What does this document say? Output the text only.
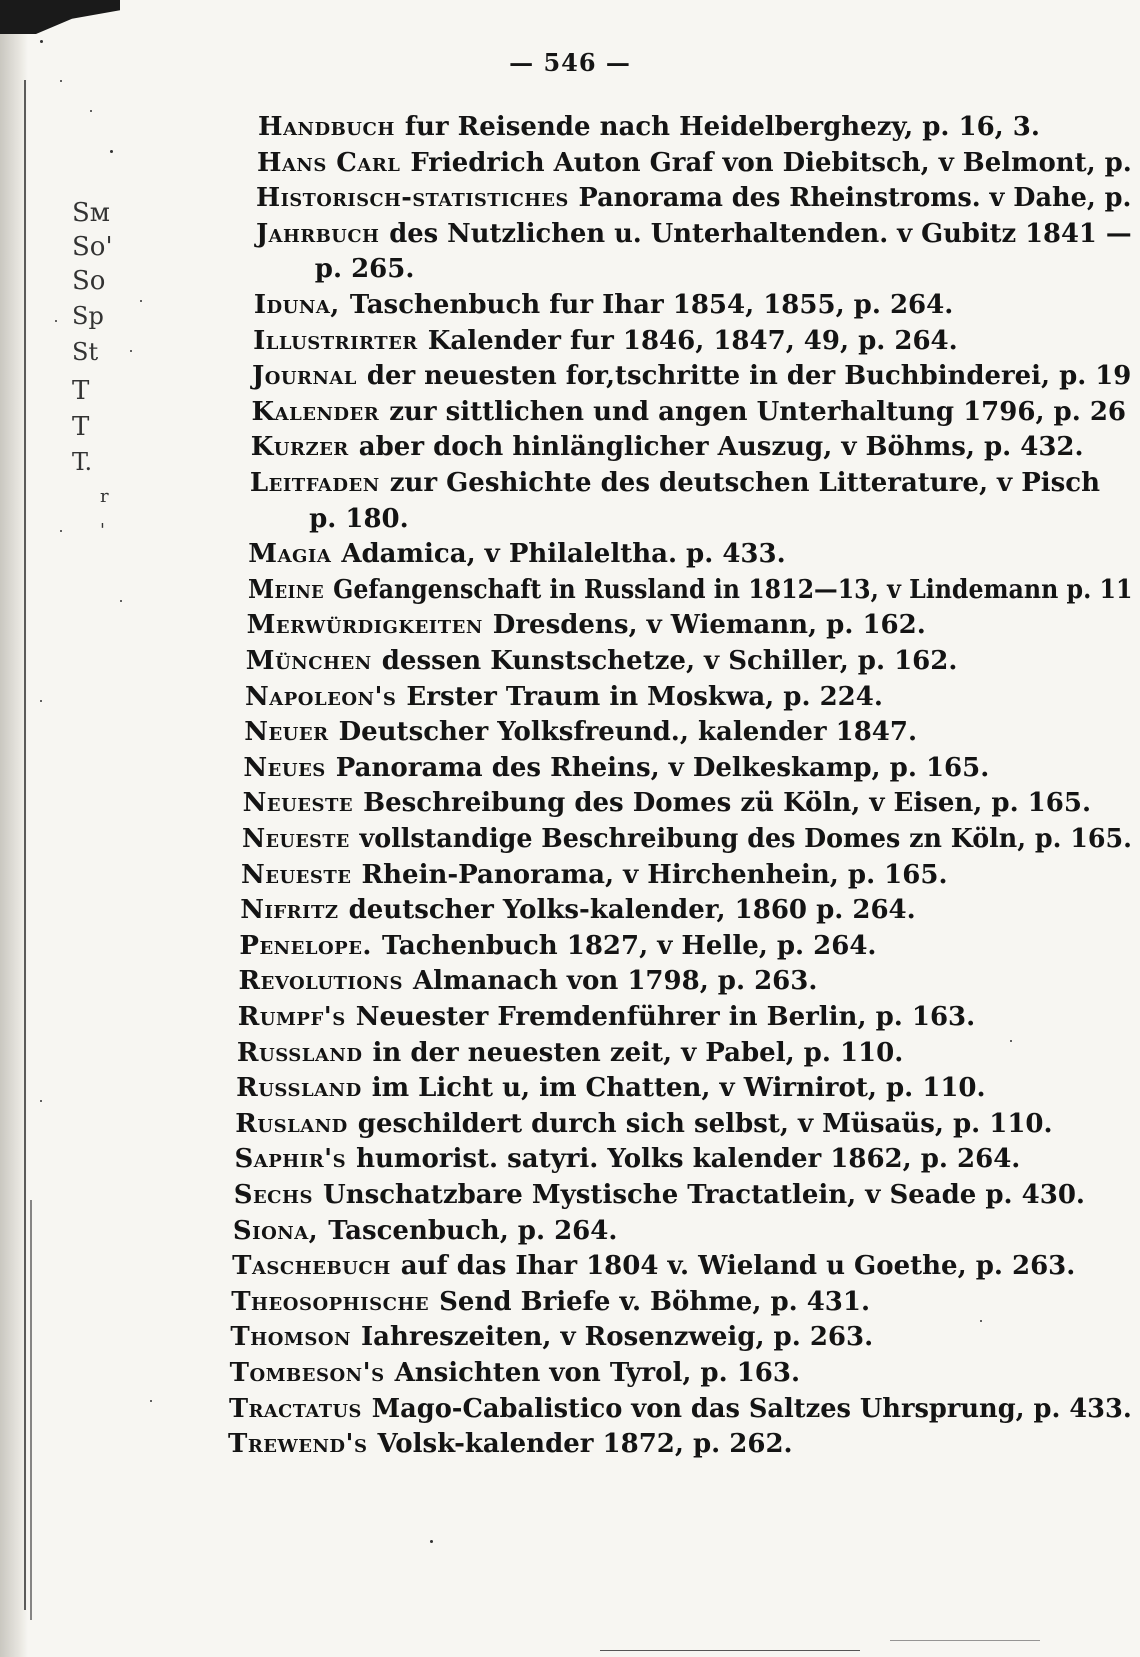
Sм
So'
So
Sp
St
T
T
T.
r
'
— 546 —
Handbuch fur Reisende nach Heidelberghezy, p. 16, 3.
Hans Carl Friedrich Auton Graf von Diebitsch, v Belmont, p.
Historisch-statistiches Panorama des Rheinstroms. v Dahe, p.
Jahrbuch des Nutzlichen u. Unterhaltenden. v Gubitz 1841 —
p. 265.
Iduna, Taschenbuch fur Ihar 1854, 1855, p. 264.
Illustrirter Kalender fur 1846, 1847, 49, p. 264.
Journal der neuesten for,tschritte in der Buchbinderei, p. 19
Kalender zur sittlichen und angen Unterhaltung 1796, p. 26
Kurzer aber doch hinlänglicher Auszug, v Böhms, p. 432.
Leitfaden zur Geshichte des deutschen Litterature, v Pisch
p. 180.
Magia Adamica, v Philaleltha. p. 433.
Meine Gefangenschaft in Russland in 1812—13, v Lindemann p. 11
Merwürdigkeiten Dresdens, v Wiemann, p. 162.
München dessen Kunstschetze, v Schiller, p. 162.
Napoleon's Erster Traum in Moskwa, p. 224.
Neuer Deutscher Yolksfreund., kalender 1847.
Neues Panorama des Rheins, v Delkeskamp, p. 165.
Neueste Beschreibung des Domes zü Köln, v Eisen, p. 165.
Neueste vollstandige Beschreibung des Domes zn Köln, p. 165.
Neueste Rhein-Panorama, v Hirchenhein, p. 165.
Nifritz deutscher Yolks-kalender, 1860 p. 264.
Penelope. Tachenbuch 1827, v Helle, p. 264.
Revolutions Almanach von 1798, p. 263.
Rumpf's Neuester Fremdenführer in Berlin, p. 163.
Russland in der neuesten zeit, v Pabel, p. 110.
Russland im Licht u, im Chatten, v Wirnirot, p. 110.
Rusland geschildert durch sich selbst, v Müsaüs, p. 110.
Saphir's humorist. satyri. Yolks kalender 1862, p. 264.
Sechs Unschatzbare Mystische Tractatlein, v Seade p. 430.
Siona, Tascenbuch, p. 264.
Taschebuch auf das Ihar 1804 v. Wieland u Goethe, p. 263.
Theosophische Send Briefe v. Böhme, p. 431.
Thomson Iahreszeiten, v Rosenzweig, p. 263.
Tombeson's Ansichten von Tyrol, p. 163.
Tractatus Mago-Cabalistico von das Saltzes Uhrsprung, p. 433.
Trewend's Volsk-kalender 1872, p. 262.
